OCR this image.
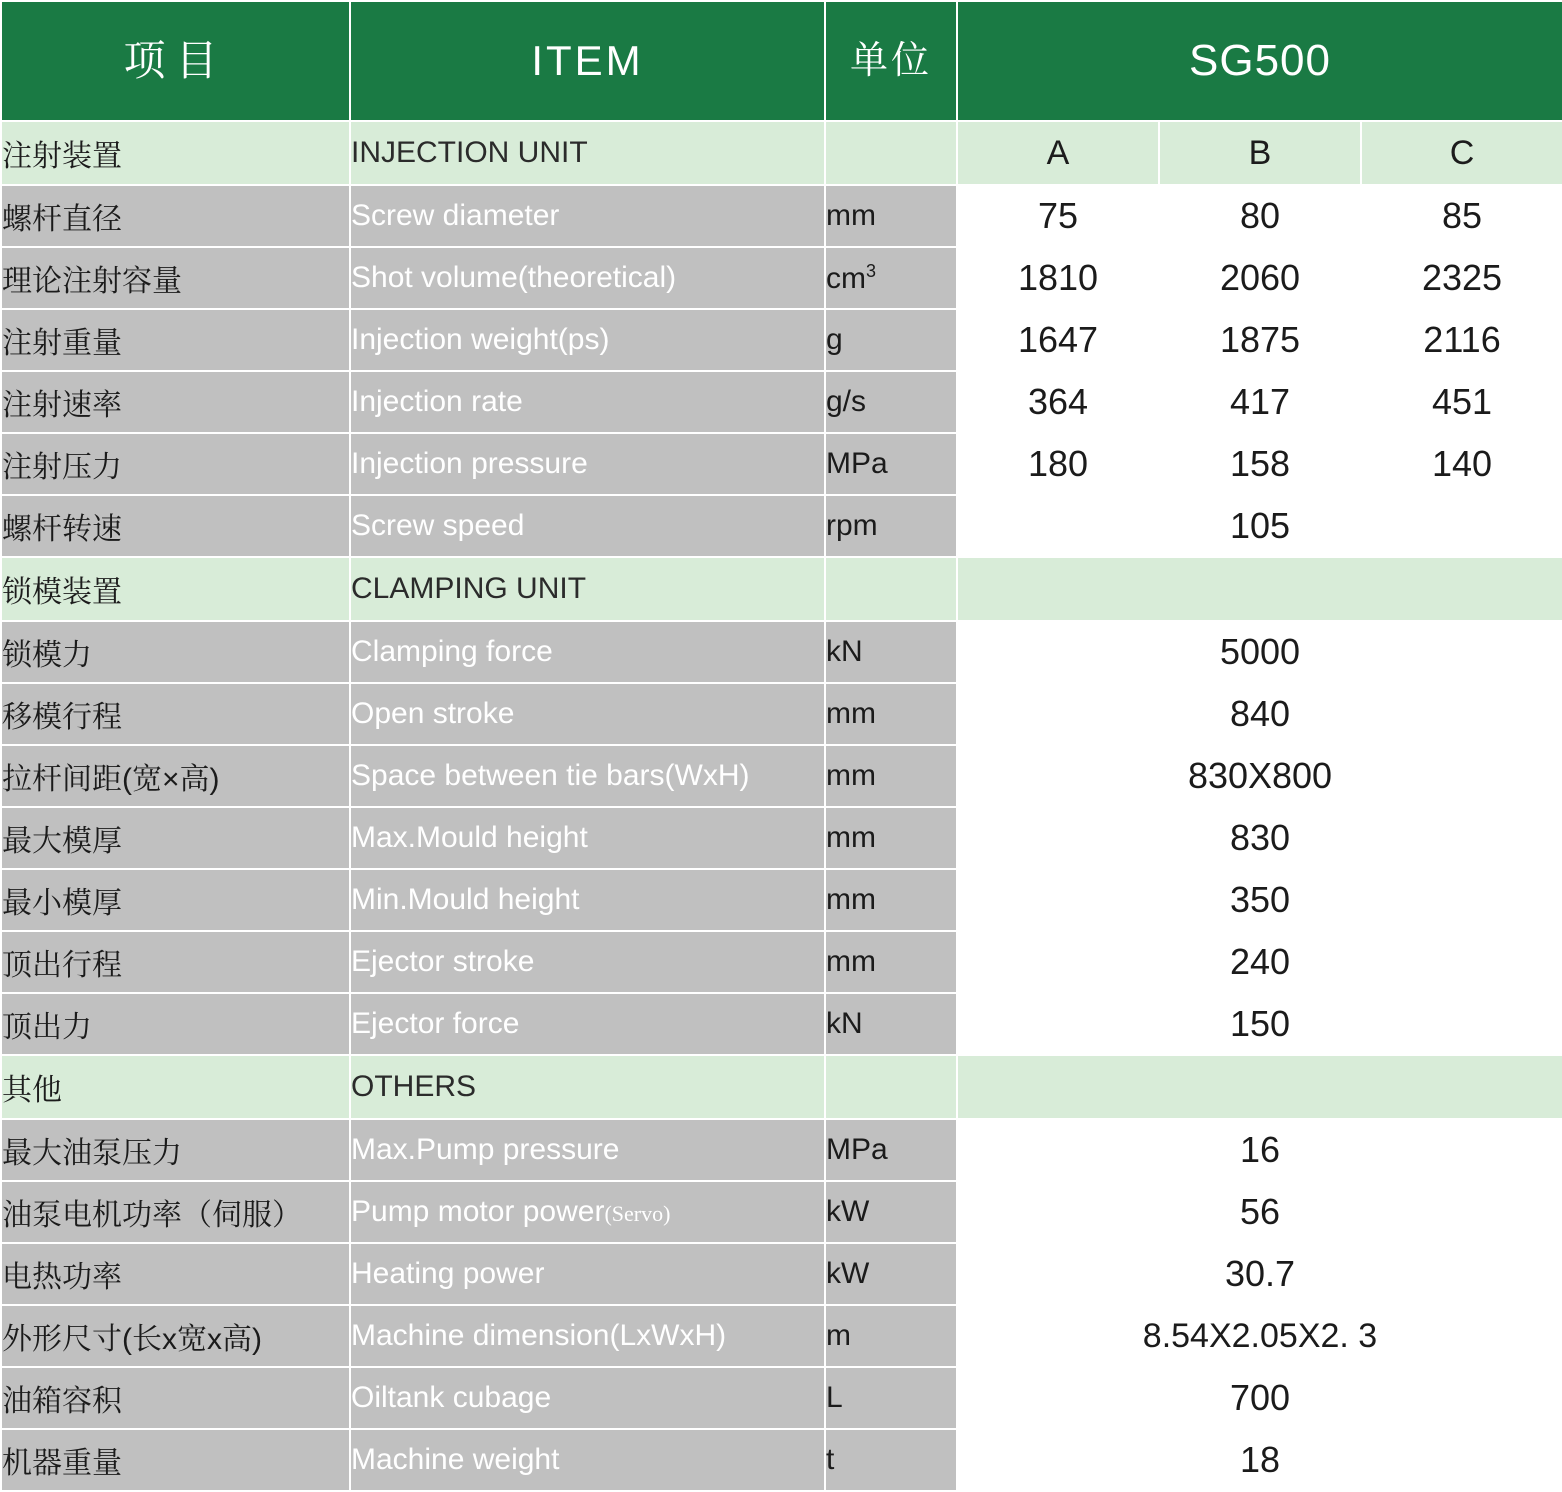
项目	ITEM	单位	SG500		
注射装置	INJECTION UNIT		A	B	C
螺杆直径	Screw diameter	mm	75	80	85
理论注射容量	Shot volume(theoretical)	$cm^3$	1810	2060	2325
注射重量	Injection weight(ps)	g	1647	1875	2116
注射速率	Injection rate	g/s	364	417	451
注射压力	Injection pressure	MPa	180	158	140
螺杆转速	Screw speed	rpm	105		
锁模装置	CLAMPING UNIT				
锁模力	Clamping force	kN	5000		
移模行程	Open stroke	mm	840		
拉杆间距(宽×高)	Space between tie bars(WxH)	mm	830X800		
最大模厚	Max.Mould height	mm	830		
最小模厚	Min.Mould height	mm	350		
顶出行程	Ejector stroke	mm	240		
顶出力	Ejector force	kN	150		
其他	OTHERS				
最大油泵压力	Max.Pump pressure	MPa	16		
油泵电机功率（伺服）	Pump motor power(Servo)	kW	56		
电热功率	Heating power	kW	30.7		
外形尺寸(长x宽x高)	Machine dimension(LxWxH)	m	8.54X2.05X2. 3		
油箱容积	Oiltank cubage	L	700		
机器重量	Machine weight	t	18		
